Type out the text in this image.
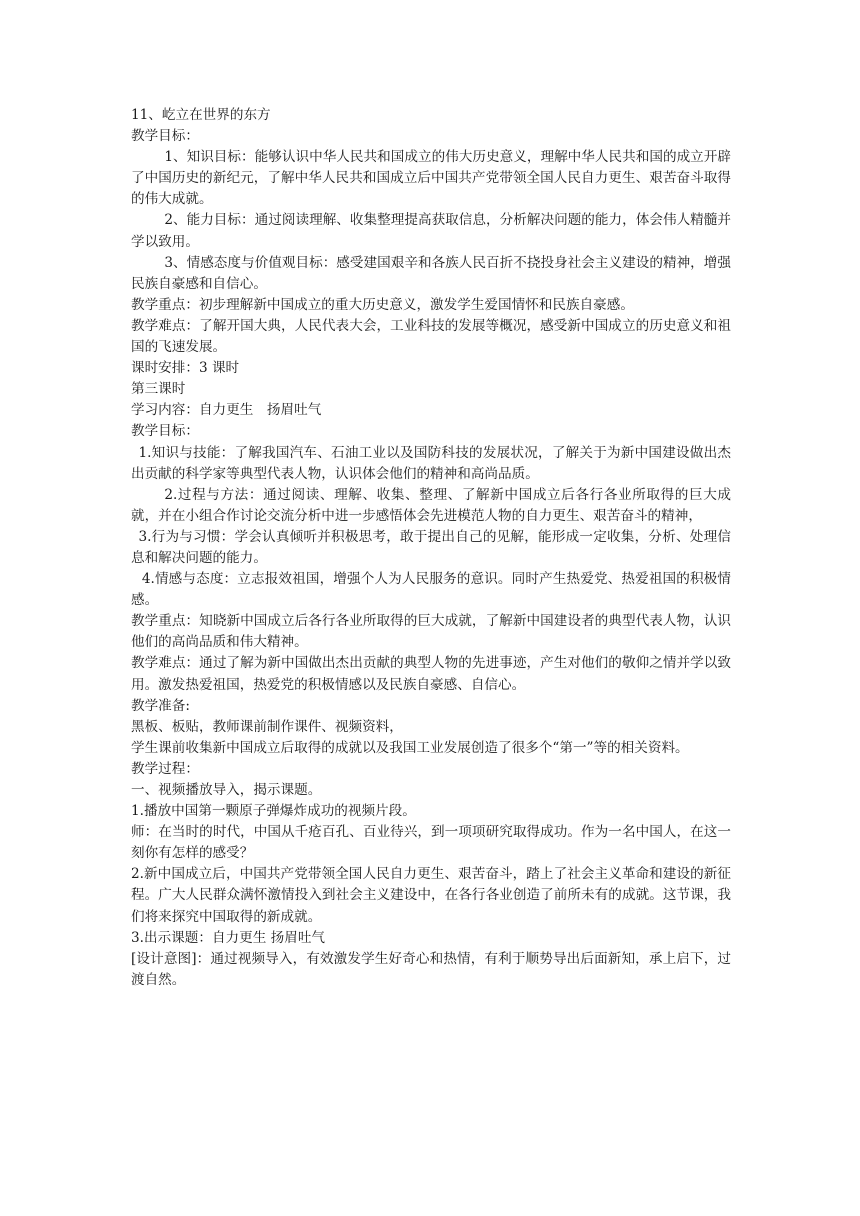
11、屹立在世界的东方

教学目标：

1、知识目标：能够认识中华人民共和国成立的伟大历史意义，理解中华人民共和国的成立开辟了中国历史的新纪元，了解中华人民共和国成立后中国共产党带领全国人民自力更生、艰苦奋斗取得的伟大成就。

2、能力目标：通过阅读理解、收集整理提高获取信息，分析解决问题的能力，体会伟人精髓并学以致用。

3、情感态度与价值观目标：感受建国艰辛和各族人民百折不挠投身社会主义建设的精神，增强民族自豪感和自信心。

教学重点：初步理解新中国成立的重大历史意义，激发学生爱国情怀和民族自豪感。

教学难点：了解开国大典，人民代表大会，工业科技的发展等概况，感受新中国成立的历史意义和祖国的飞速发展。

课时安排：3 课时

第三课时

学习内容：自力更生　扬眉吐气

教学目标：

1.知识与技能：了解我国汽车、石油工业以及国防科技的发展状况，了解关于为新中国建设做出杰出贡献的科学家等典型代表人物，认识体会他们的精神和高尚品质。

2.过程与方法：通过阅读、理解、收集、整理、了解新中国成立后各行各业所取得的巨大成就，并在小组合作讨论交流分析中进一步感悟体会先进模范人物的自力更生、艰苦奋斗的精神，

3.行为与习惯：学会认真倾听并积极思考，敢于提出自己的见解，能形成一定收集，分析、处理信息和解决问题的能力。

4.情感与态度：立志报效祖国，增强个人为人民服务的意识。同时产生热爱党、热爱祖国的积极情感。

教学重点：知晓新中国成立后各行各业所取得的巨大成就，了解新中国建设者的典型代表人物，认识他们的高尚品质和伟大精神。

教学难点：通过了解为新中国做出杰出贡献的典型人物的先进事迹，产生对他们的敬仰之情并学以致用。激发热爱祖国，热爱党的积极情感以及民族自豪感、自信心。

教学准备:

黑板、板贴，教师课前制作课件、视频资料，

学生课前收集新中国成立后取得的成就以及我国工业发展创造了很多个“第一”等的相关资料。

教学过程：

一、视频播放导入，揭示课题。

1.播放中国第一颗原子弹爆炸成功的视频片段。

师：在当时的时代，中国从千疮百孔、百业待兴，到一项项研究取得成功。作为一名中国人，在这一刻你有怎样的感受？

2.新中国成立后，中国共产党带领全国人民自力更生、艰苦奋斗，踏上了社会主义革命和建设的新征程。广大人民群众满怀激情投入到社会主义建设中，在各行各业创造了前所未有的成就。这节课，我们将来探究中国取得的新成就。

3.出示课题：自力更生 扬眉吐气

[设计意图]：通过视频导入，有效激发学生好奇心和热情，有利于顺势导出后面新知，承上启下，过渡自然。
